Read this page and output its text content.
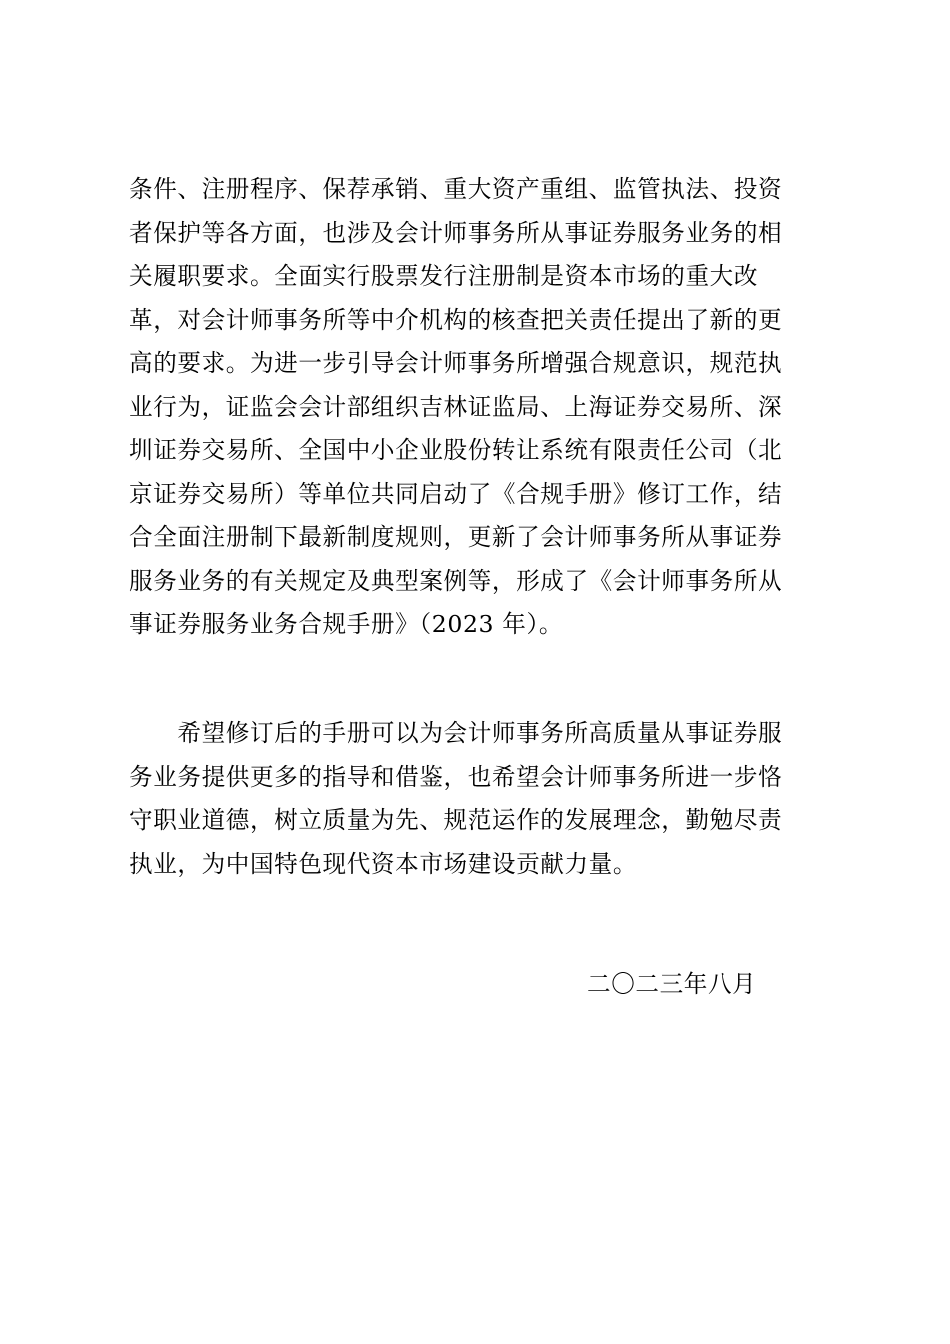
条件、注册程序、保荐承销、重大资产重组、监管执法、投资
者保护等各方面，也涉及会计师事务所从事证券服务业务的相
关履职要求。全面实行股票发行注册制是资本市场的重大改
革，对会计师事务所等中介机构的核查把关责任提出了新的更
高的要求。为进一步引导会计师事务所增强合规意识，规范执
业行为，证监会会计部组织吉林证监局、上海证券交易所、深
圳证券交易所、全国中小企业股份转让系统有限责任公司（北
京证券交易所）等单位共同启动了《合规手册》修订工作，结
合全面注册制下最新制度规则，更新了会计师事务所从事证券
服务业务的有关规定及典型案例等，形成了《会计师事务所从
事证券服务业务合规手册》（2023 年）。
　　希望修订后的手册可以为会计师事务所高质量从事证券服
务业务提供更多的指导和借鉴，也希望会计师事务所进一步恪
守职业道德，树立质量为先、规范运作的发展理念，勤勉尽责
执业，为中国特色现代资本市场建设贡献力量。
二〇二三年八月
